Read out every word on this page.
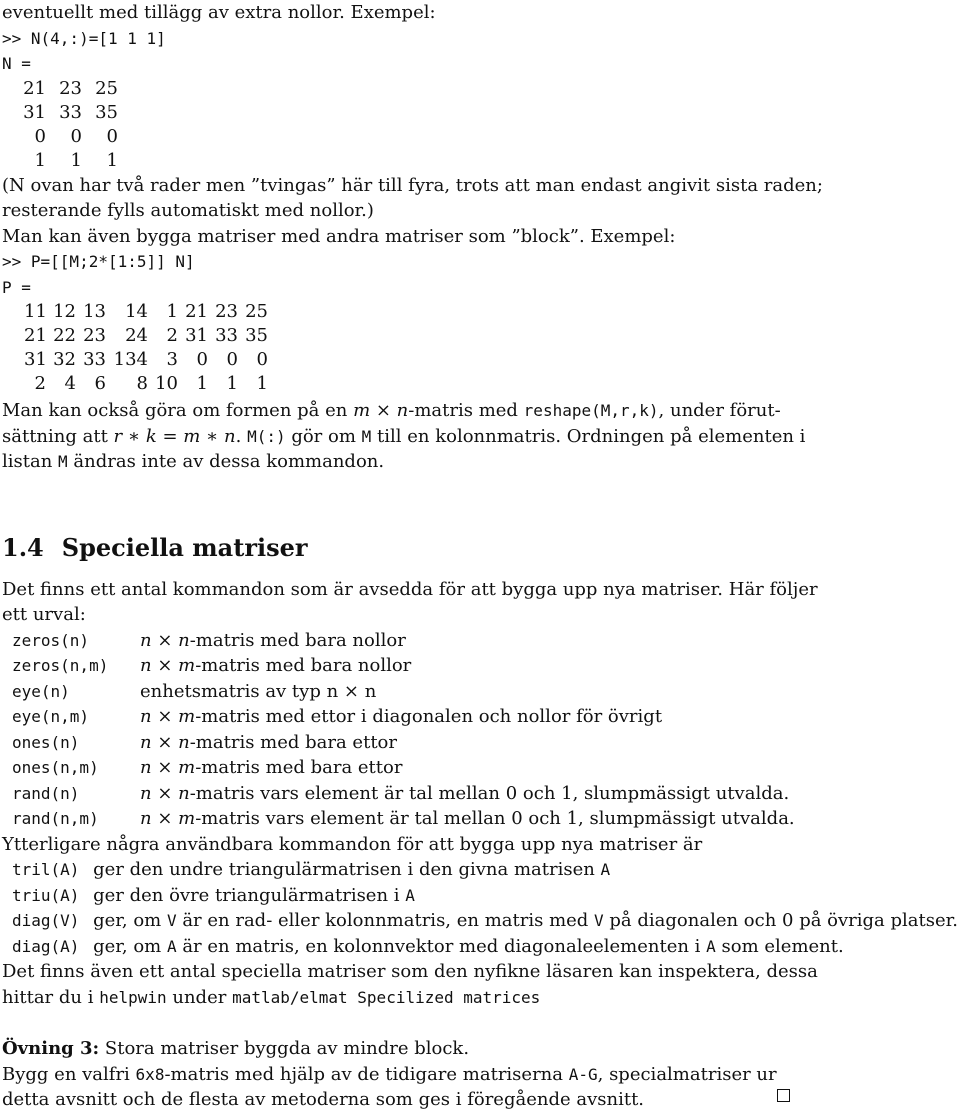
eventuellt med tillägg av extra nollor. Exempel:
>> N(4,:)=[1 1 1]
N =
21 23 25
31 33 35
0	0	0
1	1	1
(N ovan har två rader men ”tvingas” här till fyra, trots att man endast angivit sista raden;
resterande fylls automatiskt med nollor.)
Man kan även bygga matriser med andra matriser som ”block”. Exempel:
>> P=[[M;2*[1:5]] N]
P =
11 12 13	14	1 21 23 25
21 22 23	24	2 31 33 35
31 32 33 134	3	0	0	0
2	4	6	8 10	1	1	1
Man kan också göra om formen på en m × n-matris med reshape(M,r,k), under förut-
sättning att r ∗ k = m ∗ n. M(:) gör om M till en kolonnmatris. Ordningen på elementen i
listan M ändras inte av dessa kommandon.
1.4 Speciella matriser
Det finns ett antal kommandon som är avsedda för att bygga upp nya matriser. Här följer
ett urval:
zeros(n)	n × n-matris med bara nollor
zeros(n,m)	n × m-matris med bara nollor
eye(n)	enhetsmatris av typ n × n
eye(n,m)	n × m-matris med ettor i diagonalen och nollor för övrigt
ones(n)	n × n-matris med bara ettor
ones(n,m)	n × m-matris med bara ettor
rand(n)	n × n-matris vars element är tal mellan 0 och 1, slumpmässigt utvalda.
rand(n,m)	n × m-matris vars element är tal mellan 0 och 1, slumpmässigt utvalda.
Ytterligare några användbara kommandon för att bygga upp nya matriser är
tril(A)	ger den undre triangulärmatrisen i den givna matrisen A
triu(A)	ger den övre triangulärmatrisen i A
diag(V)	ger, om V är en rad- eller kolonnmatris, en matris med V på diagonalen och 0 på övriga platser.
diag(A)	ger, om A är en matris, en kolonnvektor med diagonaleelementen i A som element.
Det finns även ett antal speciella matriser som den nyfikne läsaren kan inspektera, dessa
hittar du i helpwin under matlab/elmat Specilized matrices
Övning 3: Stora matriser byggda av mindre block.
Bygg en valfri 6x8-matris med hjälp av de tidigare matriserna A-G, specialmatriser ur
detta avsnitt och de flesta av metoderna som ges i föregående avsnitt.
